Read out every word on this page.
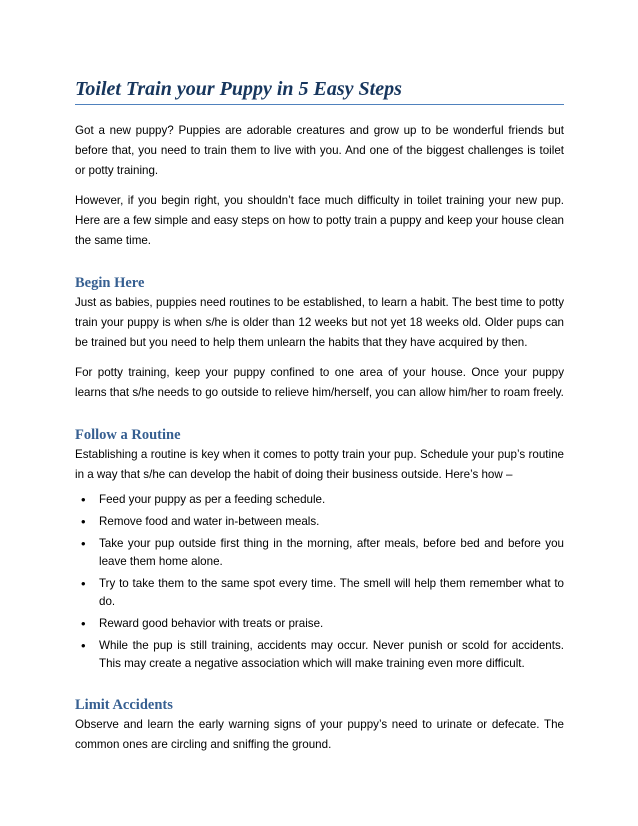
Toilet Train your Puppy in 5 Easy Steps

Got a new puppy? Puppies are adorable creatures and grow up to be wonderful friends but before that, you need to train them to live with you. And one of the biggest challenges is toilet or potty training.

However, if you begin right, you shouldn’t face much difficulty in toilet training your new pup. Here are a few simple and easy steps on how to potty train a puppy and keep your house clean the same time.

Begin Here

Just as babies, puppies need routines to be established, to learn a habit. The best time to potty train your puppy is when s/he is older than 12 weeks but not yet 18 weeks old. Older pups can be trained but you need to help them unlearn the habits that they have acquired by then.

For potty training, keep your puppy confined to one area of your house. Once your puppy learns that s/he needs to go outside to relieve him/herself, you can allow him/her to roam freely.

Follow a Routine

Establishing a routine is key when it comes to potty train your pup. Schedule your pup’s routine in a way that s/he can develop the habit of doing their business outside. Here’s how –

• Feed your puppy as per a feeding schedule.
• Remove food and water in-between meals.
• Take your pup outside first thing in the morning, after meals, before bed and before you leave them home alone.
• Try to take them to the same spot every time. The smell will help them remember what to do.
• Reward good behavior with treats or praise.
• While the pup is still training, accidents may occur. Never punish or scold for accidents. This may create a negative association which will make training even more difficult.
Limit Accidents

Observe and learn the early warning signs of your puppy’s need to urinate or defecate. The common ones are circling and sniffing the ground.
